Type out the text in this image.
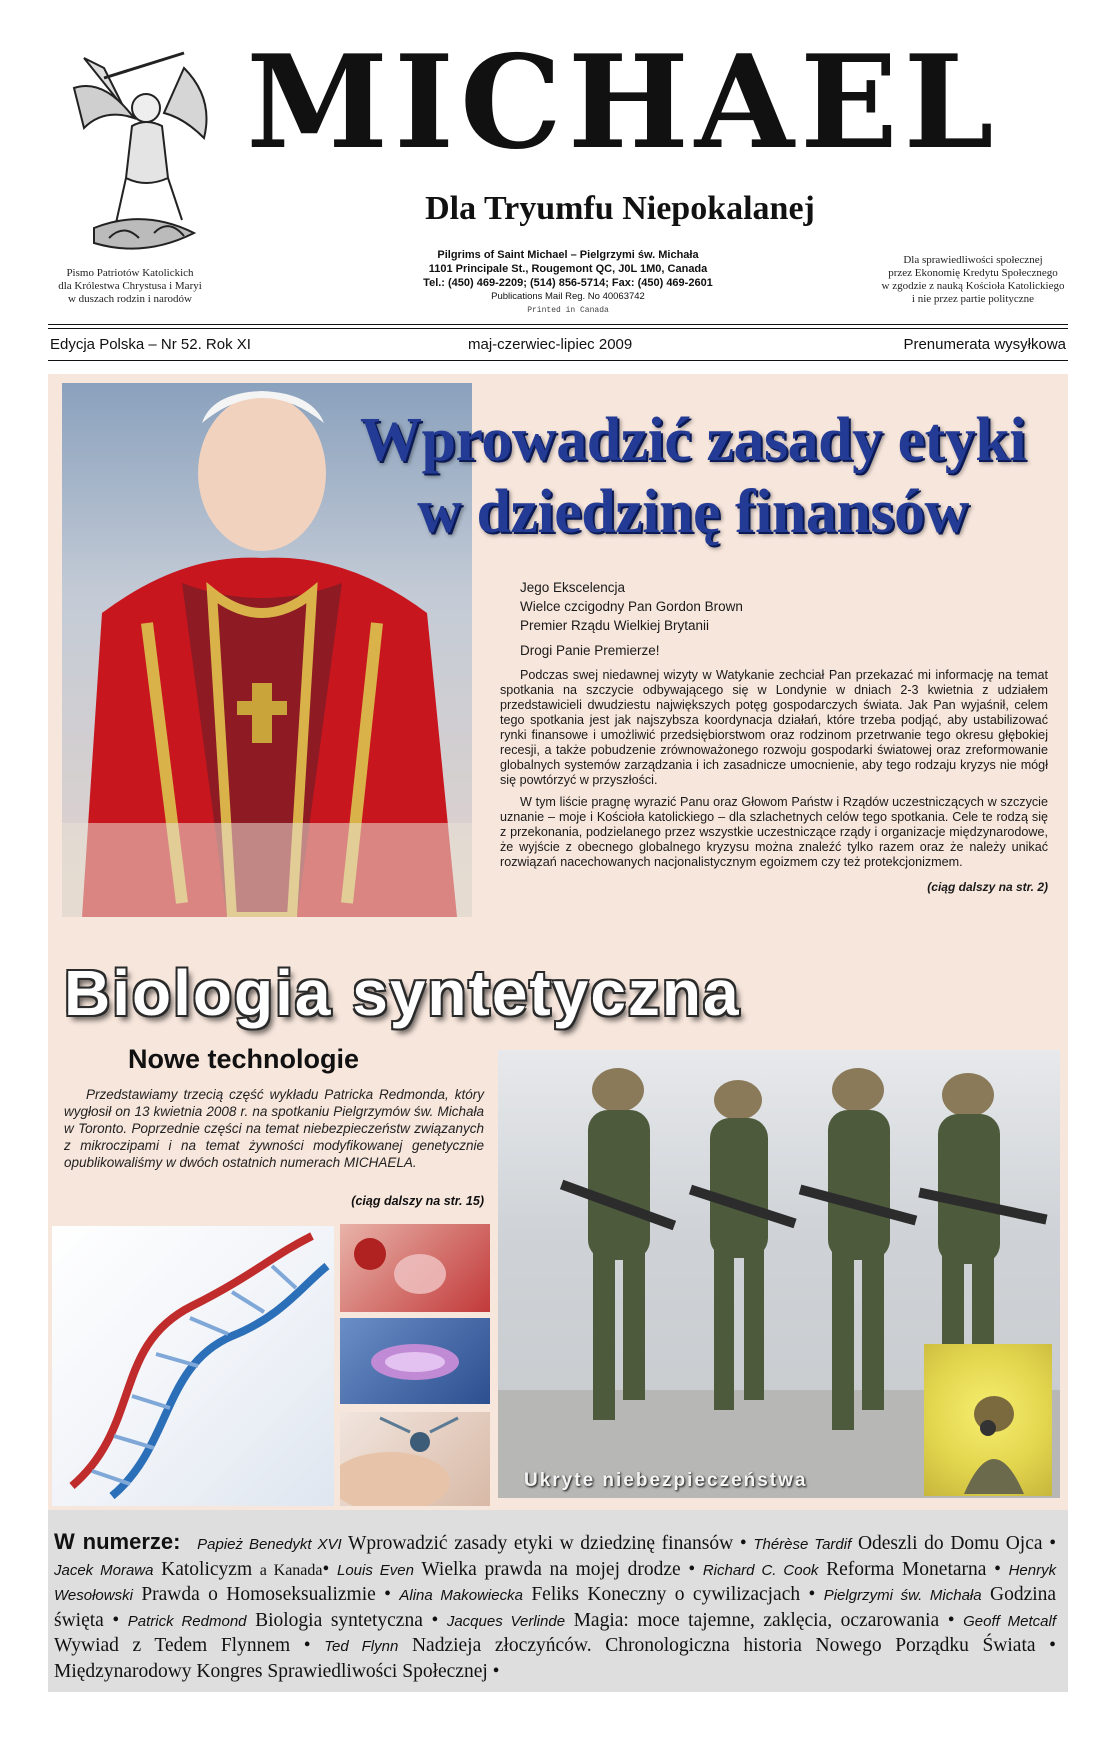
MICHAEL
Dla Tryumfu Niepokalanej
Pismo Patriotów Katolickich
dla Królestwa Chrystusa i Maryi
w duszach rodzin i narodów
Pilgrims of Saint Michael – Pielgrzymi św. Michała
1101 Principale St., Rougemont QC, J0L 1M0, Canada
Tel.: (450) 469-2209; (514) 856-5714; Fax: (450) 469-2601
Publications Mail Reg. No 40063742
Printed in Canada
Dla sprawiedliwości społecznej
przez Ekonomię Kredytu Społecznego
w zgodzie z nauką Kościoła Katolickiego
i nie przez partie polityczne
Edycja Polska – Nr 52. Rok XI	maj-czerwiec-lipiec 2009	Prenumerata wysyłkowa
Wprowadzić zasady etyki
w dziedzinę finansów

Jego Ekscelencja

Wielce czcigodny Pan Gordon Brown

Premier Rządu Wielkiej Brytanii

Drogi Panie Premierze!

Podczas swej niedawnej wizyty w Watykanie zechciał Pan przekazać mi informację na temat spotkania na szczycie odbywającego się w Londynie w dniach 2-3 kwietnia z udziałem przedstawicieli dwudziestu największych potęg gospodarczych świata. Jak Pan wyjaśnił, celem tego spotkania jest jak najszybsza koordynacja działań, które trzeba podjąć, aby ustabilizować rynki finansowe i umożliwić przedsiębiorstwom oraz rodzinom przetrwanie tego okresu głębokiej recesji, a także pobudzenie zrównoważonego rozwoju gospodarki światowej oraz zreformowanie globalnych systemów zarządzania i ich zasadnicze umocnienie, aby tego rodzaju kryzys nie mógł się powtórzyć w przyszłości.

W tym liście pragnę wyrazić Panu oraz Głowom Państw i Rządów uczestniczących w szczycie uznanie – moje i Kościoła katolickiego – dla szlachetnych celów tego spotkania. Cele te rodzą się z przekonania, podzielanego przez wszystkie uczestniczące rządy i organizacje międzynarodowe, że wyjście z obecnego globalnego kryzysu można znaleźć tylko razem oraz że należy unikać rozwiązań nacechowanych nacjonalistycznym egoizmem czy też protekcjonizmem.

(ciąg dalszy na str. 2)

Biologia syntetyczna
Nowe technologie
Przedstawiamy trzecią część wykładu Patricka Redmonda, który wygłosił on 13 kwietnia 2008 r. na spotkaniu Pielgrzymów św. Michała w Toronto. Poprzednie części na temat niebezpieczeństw związanych z mikroczipami i na temat żywności modyfikowanej genetycznie opublikowaliśmy w dwóch ostatnich numerach MICHAELA.
(ciąg dalszy na str. 15)
Ukryte niebezpieczeństwa
W numerze: Papież Benedykt XVI Wprowadzić zasady etyki w dziedzinę finansów • Thérèse Tardif Odeszli do Domu Ojca • Jacek Morawa Katolicyzm a Kanada• Louis Even Wielka prawda na mojej drodze • Richard C. Cook Reforma Monetarna • Henryk Wesołowski Prawda o Homoseksualizmie • Alina Makowiecka Feliks Koneczny o cywilizacjach • Pielgrzymi św. Michała Godzina święta • Patrick Redmond Biologia syntetyczna • Jacques Verlinde Magia: moce tajemne, zaklęcia, oczarowania • Geoff Metcalf Wywiad z Tedem Flynnem • Ted Flynn Nadzieja złoczyńców. Chronologiczna historia Nowego Porządku Świata • Międzynarodowy Kongres Sprawiedliwości Społecznej •
